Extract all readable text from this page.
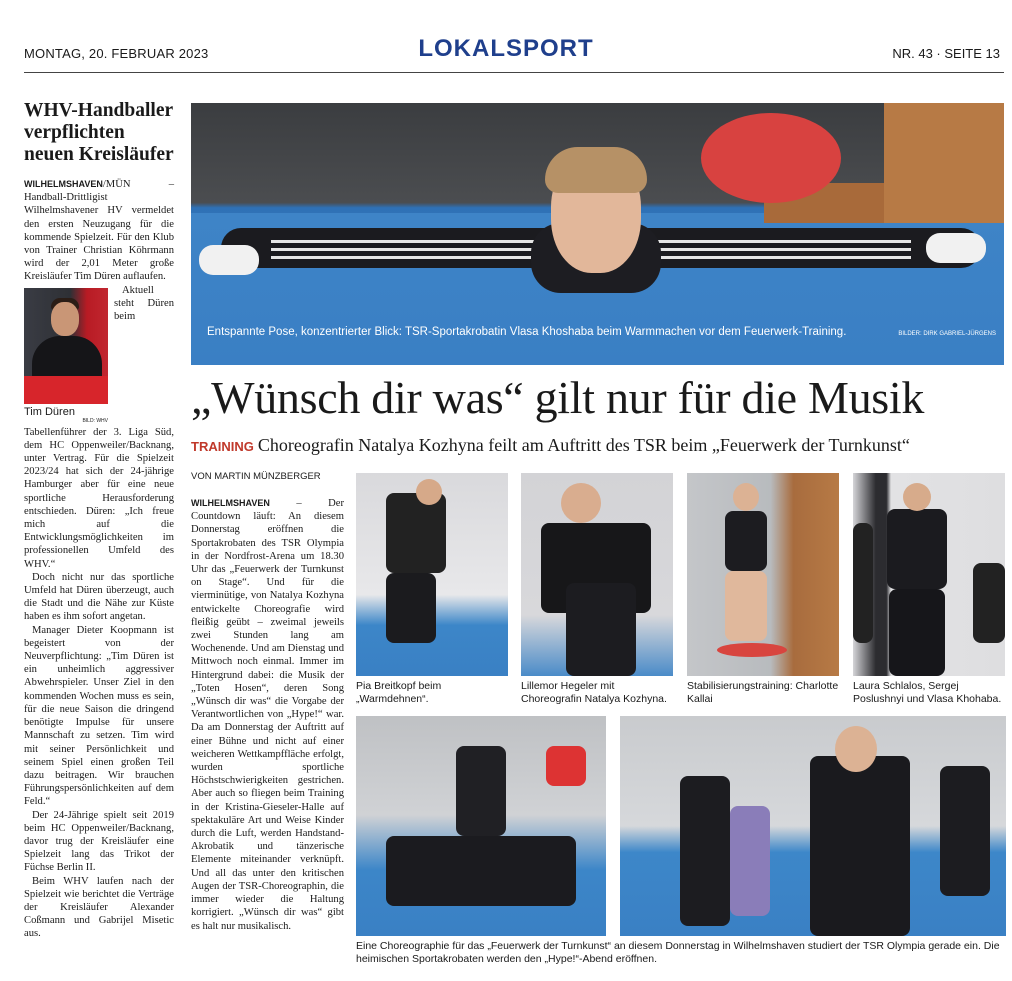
MONTAG, 20. FEBRUAR 2023	LOKALSPORT	NR. 43 · SEITE 13
WHV-Handballer verpflichten neuen Kreisläufer

WILHELMSHAVEN/MÜN – Handball-Drittligist Wilhelmshavener HV vermeldet den ersten Neuzugang für die kommende Spielzeit. Für den Klub von Trainer Christian Köhrmann wird der 2,01 Meter große Kreisläufer Tim Düren auflaufen.

Tim Düren
BILD: WHV

Aktuell steht Düren beim Tabellenführer der 3. Liga Süd, dem HC Oppenweiler/Backnang, unter Vertrag. Für die Spielzeit 2023/24 hat sich der 24-jährige Hamburger aber für eine neue sportliche Herausforderung entschieden. Düren: „Ich freue mich auf die Entwicklungsmöglichkeiten im professionellen Umfeld des WHV.“

Doch nicht nur das sportliche Umfeld hat Düren überzeugt, auch die Stadt und die Nähe zur Küste haben es ihm sofort angetan.

Manager Dieter Koopmann ist begeistert von der Neuverpflichtung: „Tim Düren ist ein unheimlich aggressiver Abwehrspieler. Unser Ziel in den kommenden Wochen muss es sein, für die neue Saison die dringend benötigte Impulse für unsere Mannschaft zu setzen. Tim wird mit seiner Persönlichkeit und seinem Spiel einen großen Teil dazu beitragen. Wir brauchen Führungspersönlichkeiten auf dem Feld.“

Der 24-Jährige spielt seit 2019 beim HC Oppenweiler/Backnang, davor trug der Kreisläufer eine Spielzeit lang das Trikot der Füchse Berlin II.

Beim WHV laufen nach der Spielzeit wie berichtet die Verträge der Kreisläufer Alexander Coßmann und Gabrijel Misetic aus.

Entspannte Pose, konzentrierter Blick: TSR-Sportakrobatin Vlasa Khoshaba beim Warmmachen vor dem Feuerwerk-Training.	BILDER: DIRK GABRIEL-JÜRGENS
„Wünsch dir was“ gilt nur für die Musik
TRAINING Choreografin Natalya Kozhyna feilt am Auftritt des TSR beim „Feuerwerk der Turnkunst“
VON MARTIN MÜNZBERGER

WILHELMSHAVEN – Der Countdown läuft: An diesem Donnerstag eröffnen die Sportakrobaten des TSR Olympia in der Nordfrost-Arena um 18.30 Uhr das „Feuerwerk der Turnkunst on Stage“. Und für die vierminütige, von Natalya Kozhyna entwickelte Choreografie wird fleißig geübt – zweimal jeweils zwei Stunden lang am Wochenende. Und am Dienstag und Mittwoch noch einmal. Immer im Hintergrund dabei: die Musik der „Toten Hosen“, deren Song „Wünsch dir was“ die Vorgabe der Verantwortlichen von „Hype!“ war. Da am Donnerstag der Auftritt auf einer Bühne und nicht auf einer weicheren Wettkampffläche erfolgt, wurden sportliche Höchstschwierigkeiten gestrichen. Aber auch so fliegen beim Training in der Kristina-Gieseler-Halle auf spektakuläre Art und Weise Kinder durch die Luft, werden Handstand-Akrobatik und tänzerische Elemente miteinander verknüpft. Und all das unter den kritischen Augen der TSR-Choreographin, die immer wieder die Haltung korrigiert. „Wünsch dir was“ gibt es halt nur musikalisch.

Pia Breitkopf beim „Warmdehnen“.
Lillemor Hegeler mit Choreografin Natalya Kozhyna.
Stabilisierungstraining: Charlotte Kallai
Laura Schlalos, Sergej Poslushnyi und Vlasa Khohaba.
Eine Choreographie für das „Feuerwerk der Turnkunst“ an diesem Donnerstag in Wilhelmshaven studiert der TSR Olympia gerade ein. Die heimischen Sportakrobaten werden den „Hype!“-Abend eröffnen.
